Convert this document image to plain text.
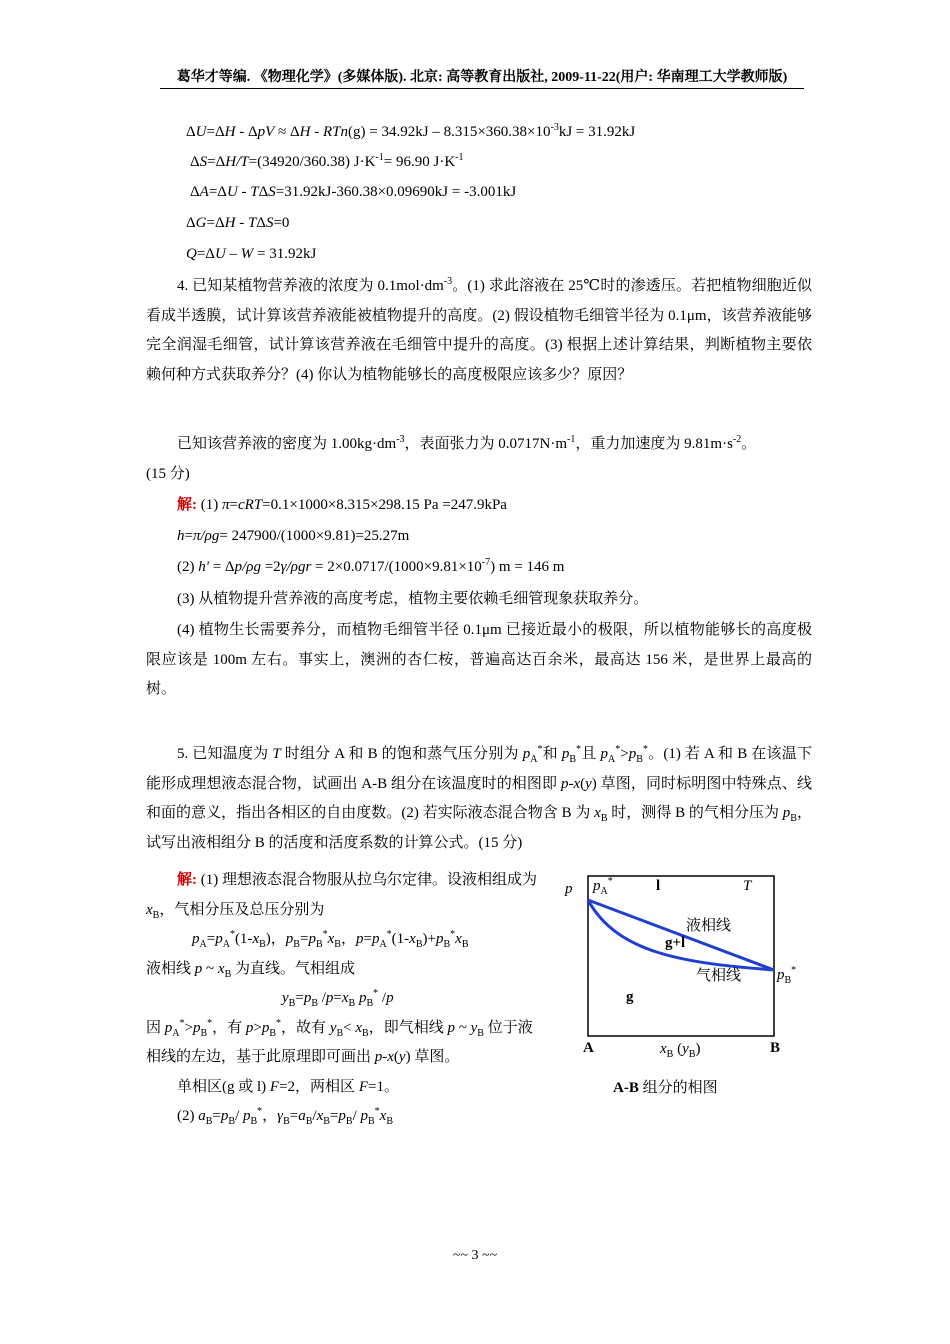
葛华才等编. 《物理化学》(多媒体版). 北京: 高等教育出版社, 2009-11-22(用户: 华南理工大学教师版)
$\Delta U=\Delta H - \Delta pV \approx \Delta H - RTn(g) = 34.92kJ - 8.315\times 360.38\times 10^{-3}kJ = 31.92kJ$
ΔS=ΔH/T=(34920/360.38) $J\cdot K^{-1}= 96.90$ $J\cdot K^{-1}$
ΔA=ΔU - TΔS=31.92kJ-360.38×0.09690kJ = -3.001kJ
ΔG=ΔH - TΔS=0
Q=ΔU – W = 31.92kJ
4. 已知某植物营养液的浓度为 $0.1mol\cdot dm^{-3}$。(1) 求此溶液在 25℃时的渗透压。若把植物细胞近似看成半透膜，试计算该营养液能被植物提升的高度。(2) 假设植物毛细管半径为 0.1μm，该营养液能够完全润湿毛细管，试计算该营养液在毛细管中提升的高度。(3) 根据上述计算结果，判断植物主要依赖何种方式获取养分？(4) 你认为植物能够长的高度极限应该多少？原因？
已知该营养液的密度为 $1.00kg\cdot dm^{-3}$，表面张力为 $0.0717N\cdot m^{-1}$，重力加速度为 $9.81m\cdot s^{-2}$。
(15 分)
解: (1) π=cRT=0.1×1000×8.315×298.15 Pa =247.9kPa
h=π/ρg= 247900/(1000×9.81)=25.27m
(2) $h' = \Delta p/\rho g =2\gamma/\rho gr = 2\times 0.0717/(1000\times 9.81\times 10^{-7}) m = 146$ m
(3) 从植物提升营养液的高度考虑，植物主要依赖毛细管现象获取养分。
(4) 植物生长需要养分，而植物毛细管半径 0.1μm 已接近最小的极限，所以植物能够长的高度极限应该是 100m 左右。事实上，澳洲的杏仁桉，普遍高达百余米，最高达 156 米，是世界上最高的树。
5. 已知温度为 T 时组分 A 和 B 的饱和蒸气压分别为 $p_A^*$和 $p_B^*$且 $p_A^*>p_B^*$。(1) 若 A 和 B 在该温下能形成理想液态混合物，试画出 A-B 组分在该温度时的相图即 p-x(y) 草图，同时标明图中特殊点、线和面的意义，指出各相区的自由度数。(2) 若实际液态混合物含 B 为 $x_B$ 时，测得 B 的气相分压为 $p_B$，试写出液相组分 B 的活度和活度系数的计算公式。(15 分)
解: (1) 理想液态混合物服从拉乌尔定律。设液相组成为 $x_B$，气相分压及总压分别为
$p_A=p_A^*(1-x_B)$，$p_B=p_B^*x_B$，$p=p_A^*(1-x_B)+p_B^*x_B$
液相线 p ~ $x_B$ 为直线。气相组成
$y_B=p_B$ $/p=x_B$ $p_B^*$ /p
因 $p_A^*>p_B^*$，有 $p>p_B^*$，故有 $y_B< x_B$，即气相线 p ~ $y_B$ 位于液相线的左边，基于此原理即可画出 p-x(y) 草图。
单相区(g 或 l) F=2，两相区 F=1。
(2) $a_B=p_B/$ $p_B^*$，$\gamma_B=a_B/x_B=p_B/$ $p_B^*x_B$
p $p_A^*$	l	T
液相线
g+l
气相线 $p_B^*$
g
A	$x_B$ $(y_B)$	B
A-B 组分的相图
~~ 3 ~~
